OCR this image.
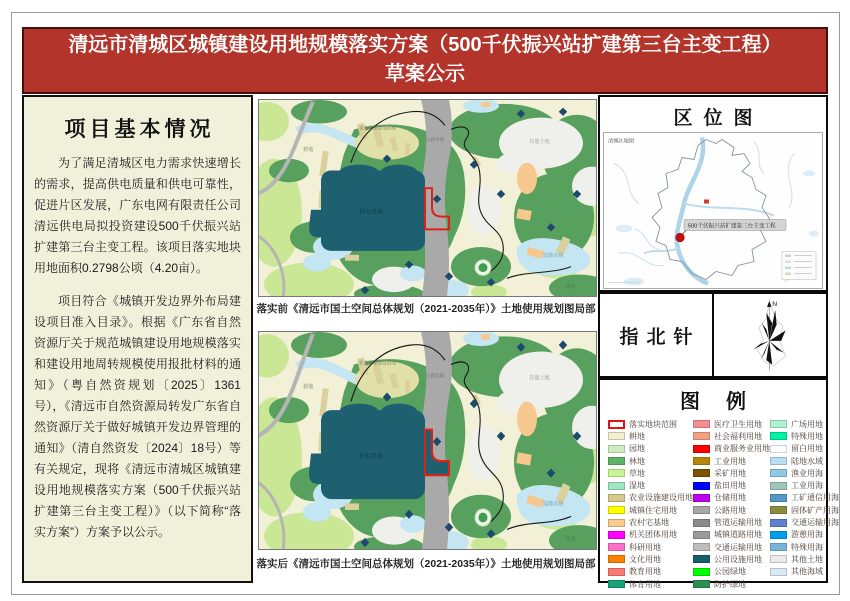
清远市清城区城镇建设用地规模落实方案（500千伏振兴站扩建第三台主变工程）
草案公示
项目基本情况

为了满足清城区电力需求快速增长的需求，提高供电质量和供电可靠性，促进片区发展，广东电网有限责任公司清远供电局拟投资建设500千伏振兴站扩建第三台主变工程。该项目落实地块用地面积0.2798公顷（4.20亩）。

项目符合《城镇开发边界外布局建设项目准入目录》。根据《广东省自然资源厅关于规范城镇建设用地规模落实和建设用地周转规模使用报批材料的通知》（粤自然资规划〔2025〕1361号），《清远市自然资源局转发广东省自然资源厅关于做好城镇开发边界管理的通知》（清自然资发〔2024〕18号）等有关规定，现将《清远市清城区城镇建设用地规模落实方案（500千伏振兴站扩建第三台主变工程）》（以下简称“落实方案”）方案予以公示。

落实前《清远市国土空间总体规划（2021-2035年）》土地使用规划图局部
落实后《清远市国土空间总体规划（2021-2035年）》土地使用规划图局部
区位图
500千伏振兴站扩建第三台主变工程
清城区地图
指北针
N
图例
落实地块范围
耕地
园地
林地
草地
湿地
农业设施建设用地
城镇住宅用地
农村宅基地
机关团体用地
科研用地
文化用地
教育用地
体育用地
医疗卫生用地
社会福利用地
商业服务业用地
工业用地
采矿用地
盐田用地
仓储用地
公路用地
管道运输用地
城镇道路用地
交通运输用地
公用设施用地
公园绿地
防护绿地
广场用地
特殊用地
留白用地
陆地水域
渔业用海
工业用海
工矿通信用海
固体矿产用海
交通运输用海
游憩用海
特殊用海
其他土地
其他海域
